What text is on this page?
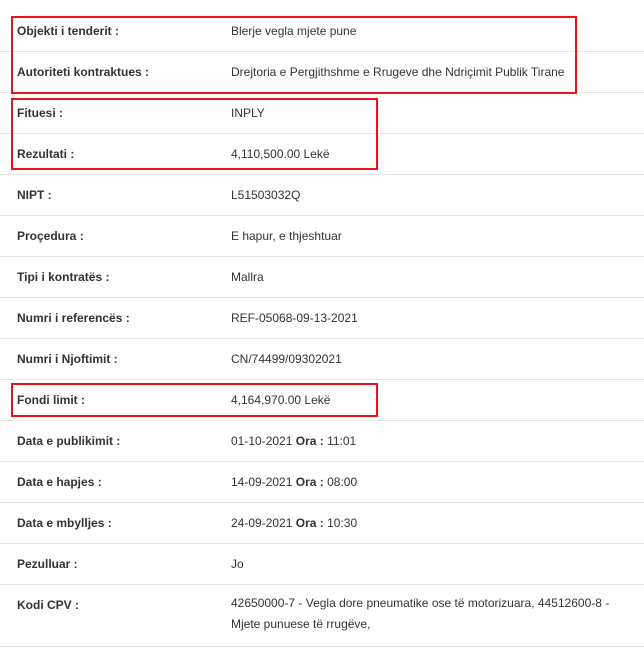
Objekti i tenderit :	Blerje vegla mjete pune
Autoriteti kontraktues :	Drejtoria e Pergjithshme e Rrugeve dhe Ndriçimit Publik Tirane
Fituesi :	INPLY
Rezultati :	4,110,500.00 Lekë
NIPT :	L51503032Q
Proçedura :	E hapur, e thjeshtuar
Tipi i kontratës :	Mallra
Numri i referencës :	REF-05068-09-13-2021
Numri i Njoftimit :	CN/74499/09302021
Fondi limit :	4,164,970.00 Lekë
Data e publikimit :	01-10-2021 Ora : 11:01
Data e hapjes :	14-09-2021 Ora : 08:00
Data e mbylljes :	24-09-2021 Ora : 10:30
Pezulluar :	Jo
Kodi CPV :	42650000-7 - Vegla dore pneumatike ose të motorizuara, 44512600-8 - Mjete punuese të rrugëve,
